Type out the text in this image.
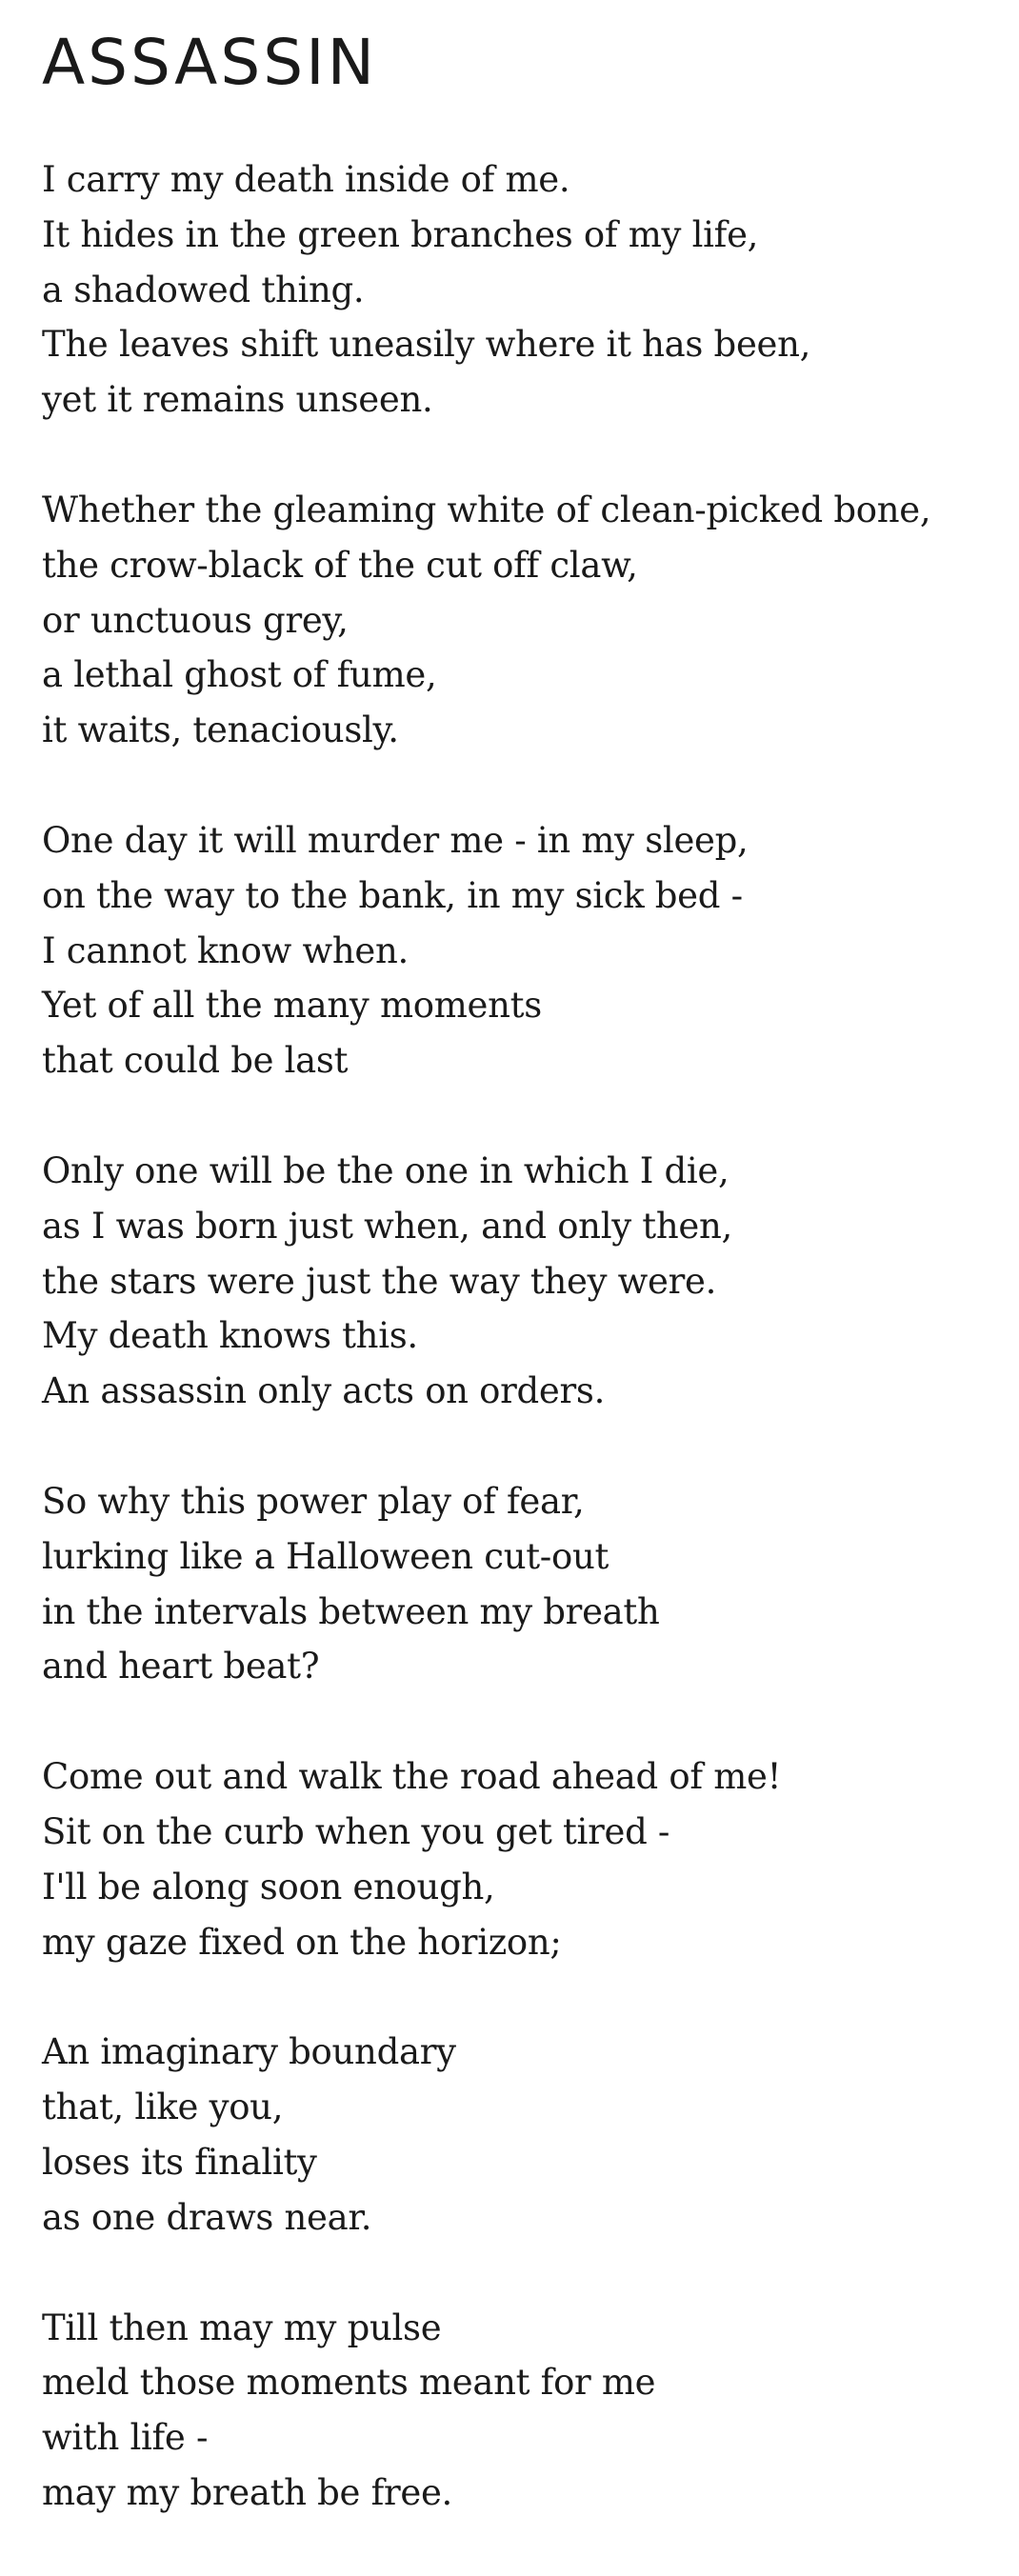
ASSASSIN
I carry my death inside of me.
It hides in the green branches of my life,
a shadowed thing.
The leaves shift uneasily where it has been,
yet it remains unseen.
Whether the gleaming white of clean-picked bone,
the crow-black of the cut off claw,
or unctuous grey,
a lethal ghost of fume,
it waits, tenaciously.
One day it will murder me - in my sleep,
on the way to the bank, in my sick bed -
I cannot know when.
Yet of all the many moments
that could be last
Only one will be the one in which I die,
as I was born just when, and only then,
the stars were just the way they were.
My death knows this.
An assassin only acts on orders.
So why this power play of fear,
lurking like a Halloween cut-out
in the intervals between my breath
and heart beat?
Come out and walk the road ahead of me!
Sit on the curb when you get tired -
I'll be along soon enough,
my gaze fixed on the horizon;
An imaginary boundary
that, like you,
loses its finality
as one draws near.
Till then may my pulse
meld those moments meant for me
with life -
may my breath be free.
